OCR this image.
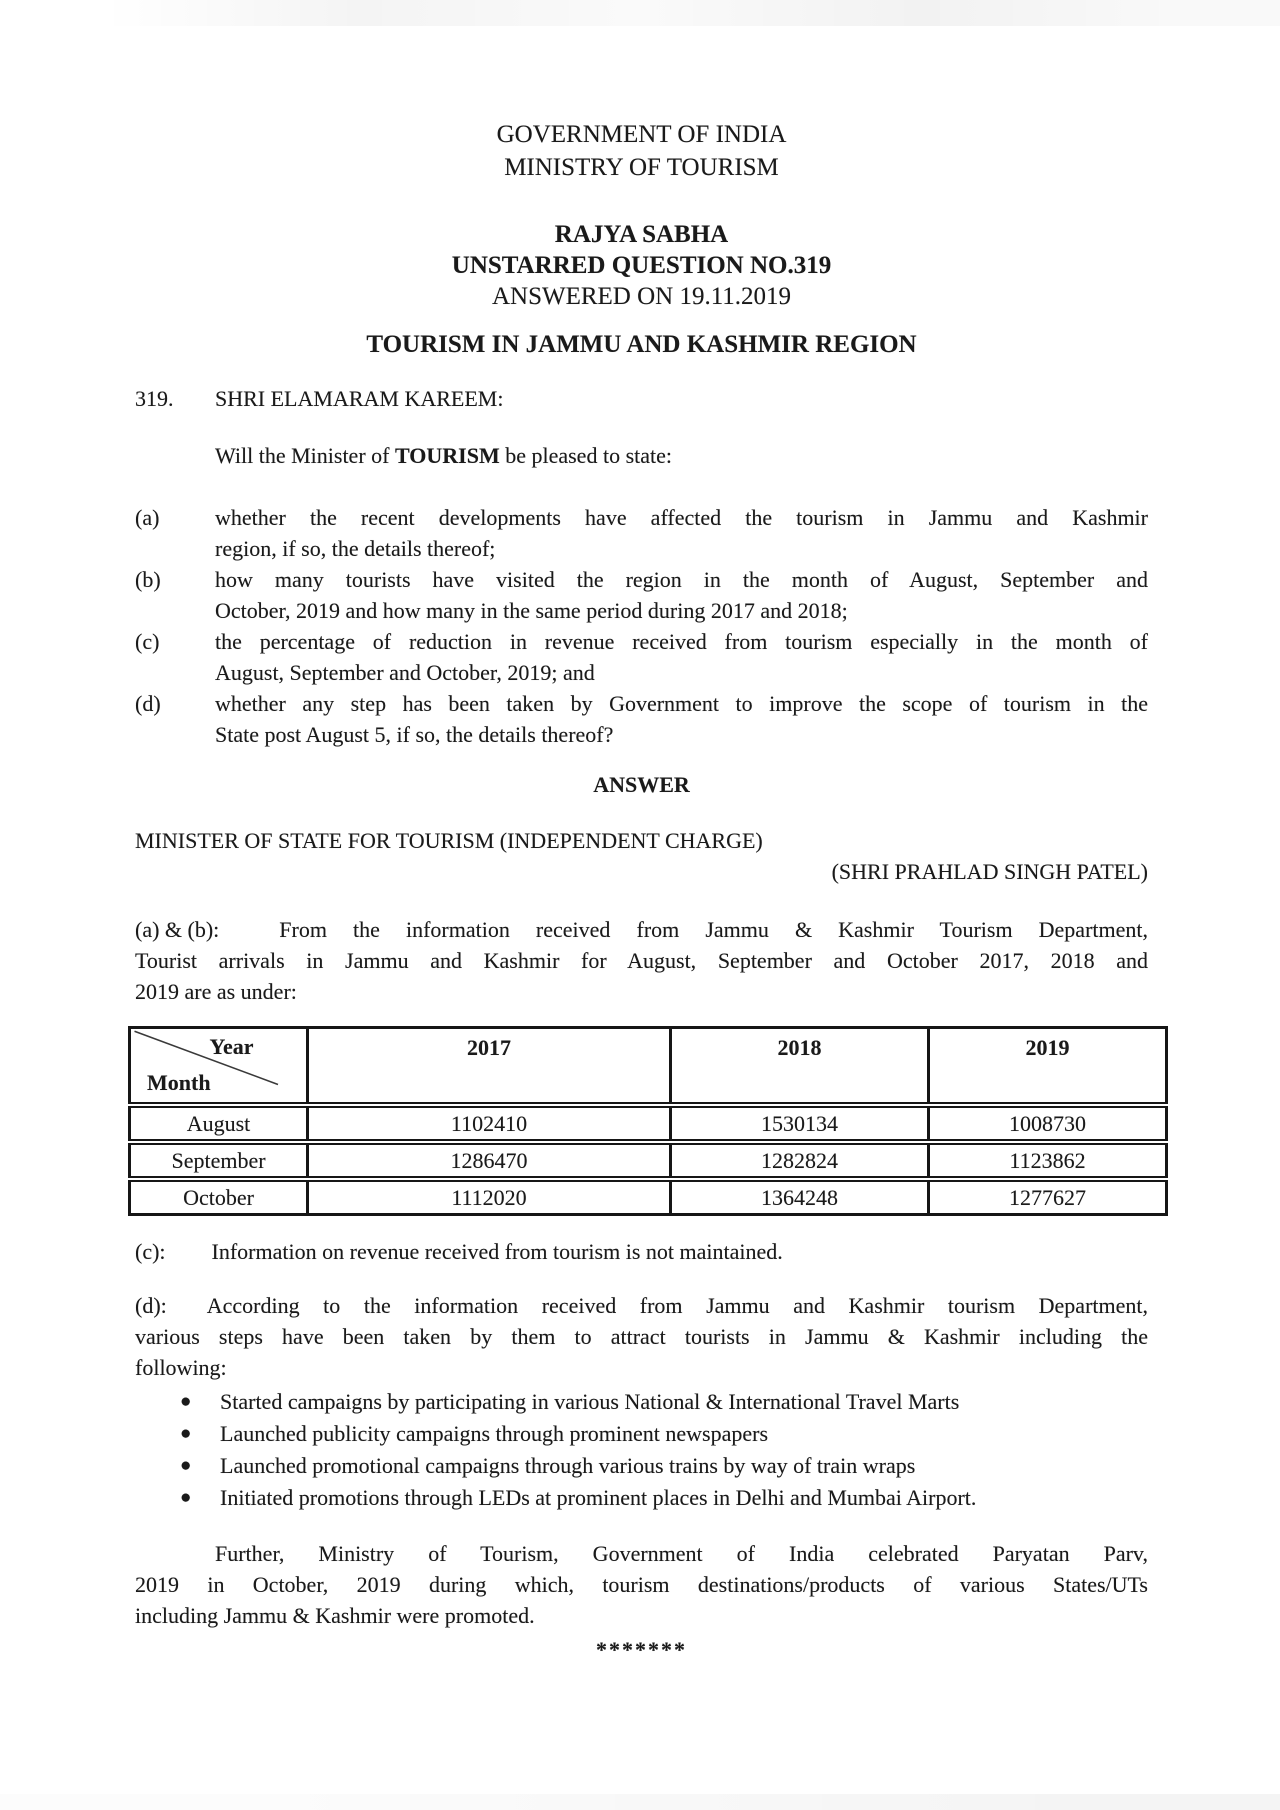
GOVERNMENT OF INDIA
MINISTRY OF TOURISM
RAJYA SABHA
UNSTARRED QUESTION NO.319
ANSWERED ON 19.11.2019
TOURISM IN JAMMU AND KASHMIR REGION
319.	SHRI ELAMARAM KAREEM:
Will the Minister of TOURISM be pleased to state:
(a)	whether the recent developments have affected the tourism in Jammu and Kashmir
region, if so, the details thereof;
(b)	how many tourists have visited the region in the month of August, September and
October, 2019 and how many in the same period during 2017 and 2018;
(c)	the percentage of reduction in revenue received from tourism especially in the month of
August, September and October, 2019; and
(d)	whether any step has been taken by Government to improve the scope of tourism in the
State post August 5, if so, the details thereof?
ANSWER
MINISTER OF STATE FOR TOURISM (INDEPENDENT CHARGE)
(SHRI PRAHLAD SINGH PATEL)
(a) & (b):	From the information received from Jammu & Kashmir Tourism Department,
Tourist arrivals in Jammu and Kashmir for August, September and October 2017, 2018 and
2019 are as under:
Year
Month	2017	2018	2019
August	1102410	1530134	1008730
September	1286470	1282824	1123862
October	1112020	1364248	1277627
(c): Information on revenue received from tourism is not maintained.
(d): According to the information received from Jammu and Kashmir tourism Department,
various steps have been taken by them to attract tourists in Jammu & Kashmir including the
following:
●	Started campaigns by participating in various National & International Travel Marts
●	Launched publicity campaigns through prominent newspapers
●	Launched promotional campaigns through various trains by way of train wraps
●	Initiated promotions through LEDs at prominent places in Delhi and Mumbai Airport.
Further, Ministry of Tourism, Government of India celebrated Paryatan Parv,
2019 in October, 2019 during which, tourism destinations/products of various States/UTs
including Jammu & Kashmir were promoted.
*******
